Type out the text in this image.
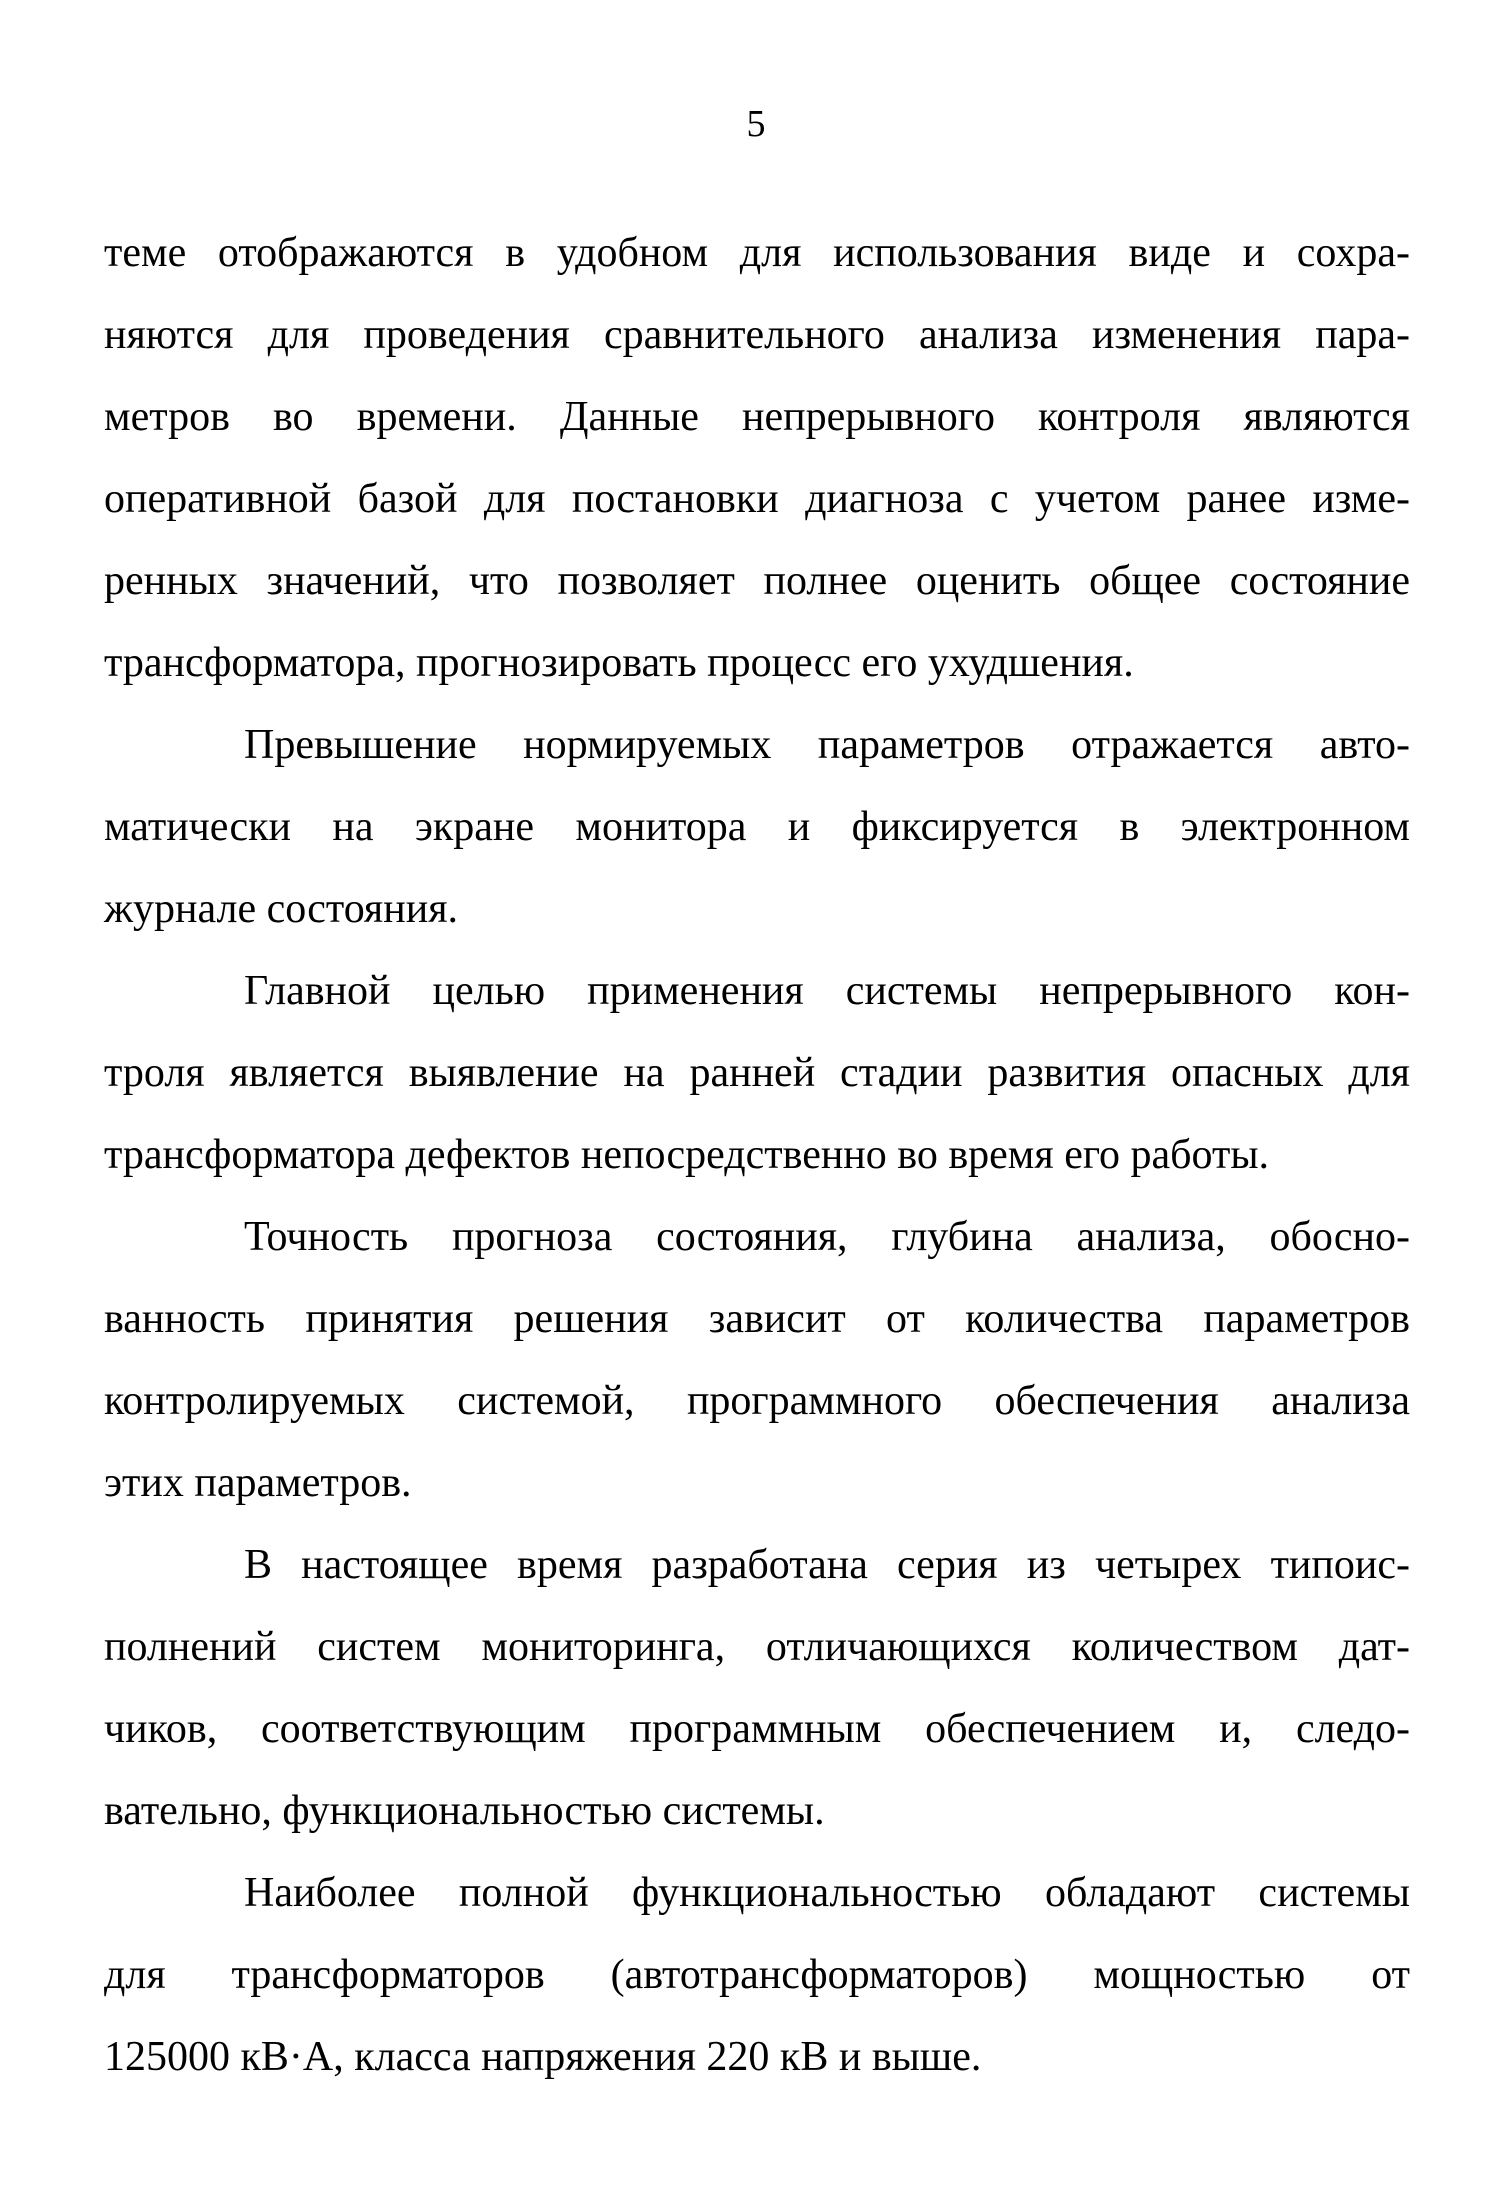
5

теме отображаются в удобном для использования виде и сохра-
няются для проведения сравнительного анализа изменения пара-
метров во времени. Данные непрерывного контроля являются
оперативной базой для постановки диагноза с учетом ранее изме-
ренных значений, что позволяет полнее оценить общее состояние
трансформатора, прогнозировать процесс его ухудшения.

Превышение нормируемых параметров отражается авто-
матически на экране монитора и фиксируется в электронном
журнале состояния.

Главной целью применения системы непрерывного кон-
троля является выявление на ранней стадии развития опасных для
трансформатора дефектов непосредственно во время его работы.

Точность прогноза состояния, глубина анализа, обосно-
ванность принятия решения зависит от количества параметров
контролируемых системой, программного обеспечения анализа
этих параметров.

В настоящее время разработана серия из четырех типоис-
полнений систем мониторинга, отличающихся количеством дат-
чиков, соответствующим программным обеспечением и, следо-
вательно, функциональностью системы.

Наиболее полной функциональностью обладают системы
для трансформаторов (автотрансформаторов) мощностью от
125000 кВ·А, класса напряжения 220 кВ и выше.
